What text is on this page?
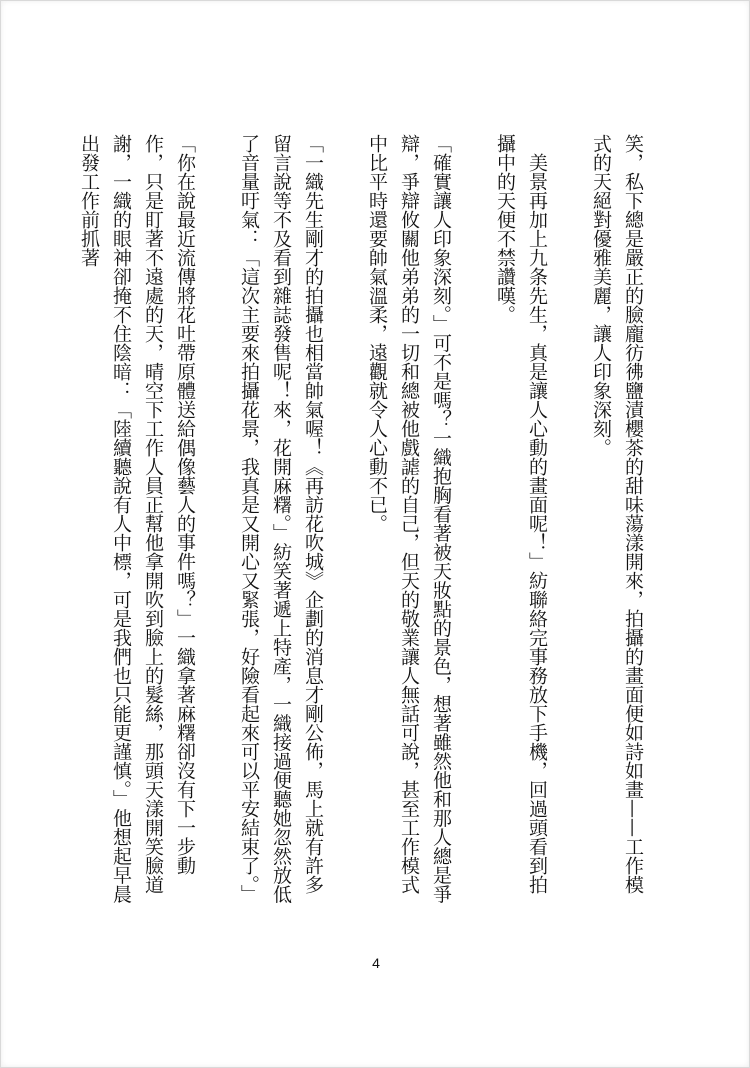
笑，私下總是嚴正的臉龐彷彿鹽漬櫻茶的甜味蕩漾開來，拍攝的畫面便如詩如畫——工作模式的天絕對優雅美麗，讓人印象深刻。

　美景再加上九条先生，真是讓人心動的畫面呢！」紡聯絡完事務放下手機，回過頭看到拍攝中的天便不禁讚嘆。

「確實讓人印象深刻。」可不是嗎？一織抱胸看著被天妝點的景色，想著雖然他和那人總是爭辯，爭辯攸關他弟弟的一切和總被他戲謔的自己，但天的敬業讓人無話可說，甚至工作模式中比平時還要帥氣溫柔，遠觀就令人心動不已。

「一織先生剛才的拍攝也相當帥氣喔！《再訪花吹城》企劃的消息才剛公佈，馬上就有許多留言說等不及看到雜誌發售呢！來，花開麻糬。」紡笑著遞上特產，一織接過便聽她忽然放低了音量吁氣：「這次主要來拍攝花景，我真是又開心又緊張，好險看起來可以平安結束了。」

「你在說最近流傳將花吐帶原體送給偶像藝人的事件嗎？」一織拿著麻糬卻沒有下一步動作，只是盯著不遠處的天，晴空下工作人員正幫他拿開吹到臉上的髮絲，那頭天漾開笑臉道謝，一織的眼神卻掩不住陰暗：「陸續聽說有人中標，可是我們也只能更謹慎。」他想起早晨出發工作前抓著

4
